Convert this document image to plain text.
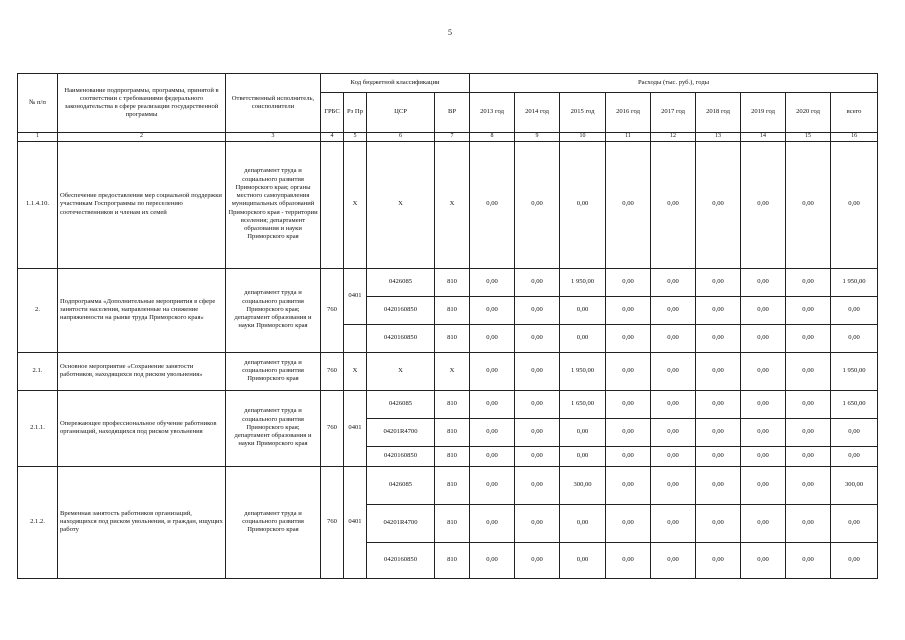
5
№ п/п	Наименование подпрограммы, программы, принятой в соответствии с требованиями федерального законодательства в сфере реализации государственной программы	Ответственный исполнитель, соисполнители	Код бюджетной классификации				Расходы (тыс. руб.), годы								
			ГРБС	Рз Пр	ЦСР	ВР	2013 год	2014 год	2015 год	2016 год	2017 год	2018 год	2019 год	2020 год	всего
1	2	3	4	5	6	7	8	9	10	11	12	13	14	15	16
1.1.4.10.	Обеспечение предоставления мер социальной поддержки участникам Госпрограммы по переселению соотечественников и членам их семей	департамент труда и социального развития Приморского края; органы местного самоуправления муниципальных образований Приморского края - территории вселения; департамент образования и науки Приморского края		X	X	X	0,00	0,00	0,00	0,00	0,00	0,00	0,00	0,00	0,00
2.	Подпрограмма «Дополнительные мероприятия в сфере занятости населения, направленные на снижение напряженности на рынке труда Приморского края»	департамент труда и социального развития Приморского края; департамент образования и науки Приморского края	760	0401	0426085	810	0,00	0,00	1 950,00	0,00	0,00	0,00	0,00	0,00	1 950,00
					0420160850	810	0,00	0,00	0,00	0,00	0,00	0,00	0,00	0,00	0,00
					0420160850	810	0,00	0,00	0,00	0,00	0,00	0,00	0,00	0,00	0,00
2.1.	Основное мероприятие «Сохранение занятости работников, находящихся под риском увольнения»	департамент труда и социального развития Приморского края	760	X	X	X	0,00	0,00	1 950,00	0,00	0,00	0,00	0,00	0,00	1 950,00
2.1.1.	Опережающее профессиональное обучение работников организаций, находящихся под риском увольнения	департамент труда и социального развития Приморского края; департамент образования и науки Приморского края	760	0401	0426085	810	0,00	0,00	1 650,00	0,00	0,00	0,00	0,00	0,00	1 650,00
					04201R4700	810	0,00	0,00	0,00	0,00	0,00	0,00	0,00	0,00	0,00
					0420160850	810	0,00	0,00	0,00	0,00	0,00	0,00	0,00	0,00	0,00
2.1.2.	Временная занятость работников организаций, находящихся под риском увольнения, и граждан, ищущих работу	департамент труда и социального развития Приморского края	760	0401	0426085	810	0,00	0,00	300,00	0,00	0,00	0,00	0,00	0,00	300,00
					04201R4700	810	0,00	0,00	0,00	0,00	0,00	0,00	0,00	0,00	0,00
					0420160850	810	0,00	0,00	0,00	0,00	0,00	0,00	0,00	0,00	0,00
